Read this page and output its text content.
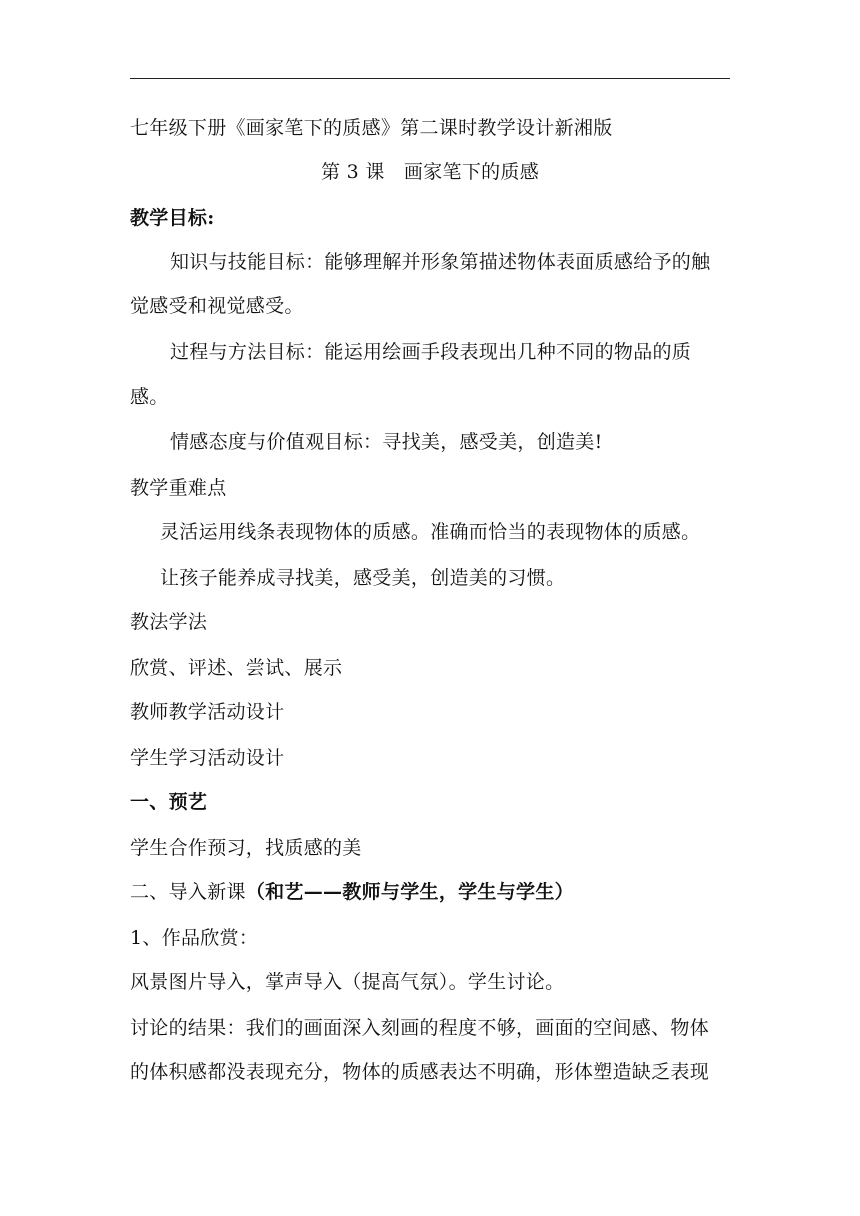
七年级下册《画家笔下的质感》第二课时教学设计新湘版
第 3 课　画家笔下的质感
教学目标:
知识与技能目标：能够理解并形象第描述物体表面质感给予的触
觉感受和视觉感受。
过程与方法目标：能运用绘画手段表现出几种不同的物品的质
感。
情感态度与价值观目标：寻找美，感受美，创造美!
教学重难点
灵活运用线条表现物体的质感。准确而恰当的表现物体的质感。
让孩子能养成寻找美，感受美，创造美的习惯。
教法学法
欣赏、评述、尝试、展示
教师教学活动设计
学生学习活动设计
一、预艺
学生合作预习，找质感的美
二、导入新课（和艺——教师与学生，学生与学生）
1、作品欣赏：
风景图片导入，掌声导入（提高气氛）。学生讨论。
讨论的结果：我们的画面深入刻画的程度不够，画面的空间感、物体
的体积感都没表现充分，物体的质感表达不明确，形体塑造缺乏表现
